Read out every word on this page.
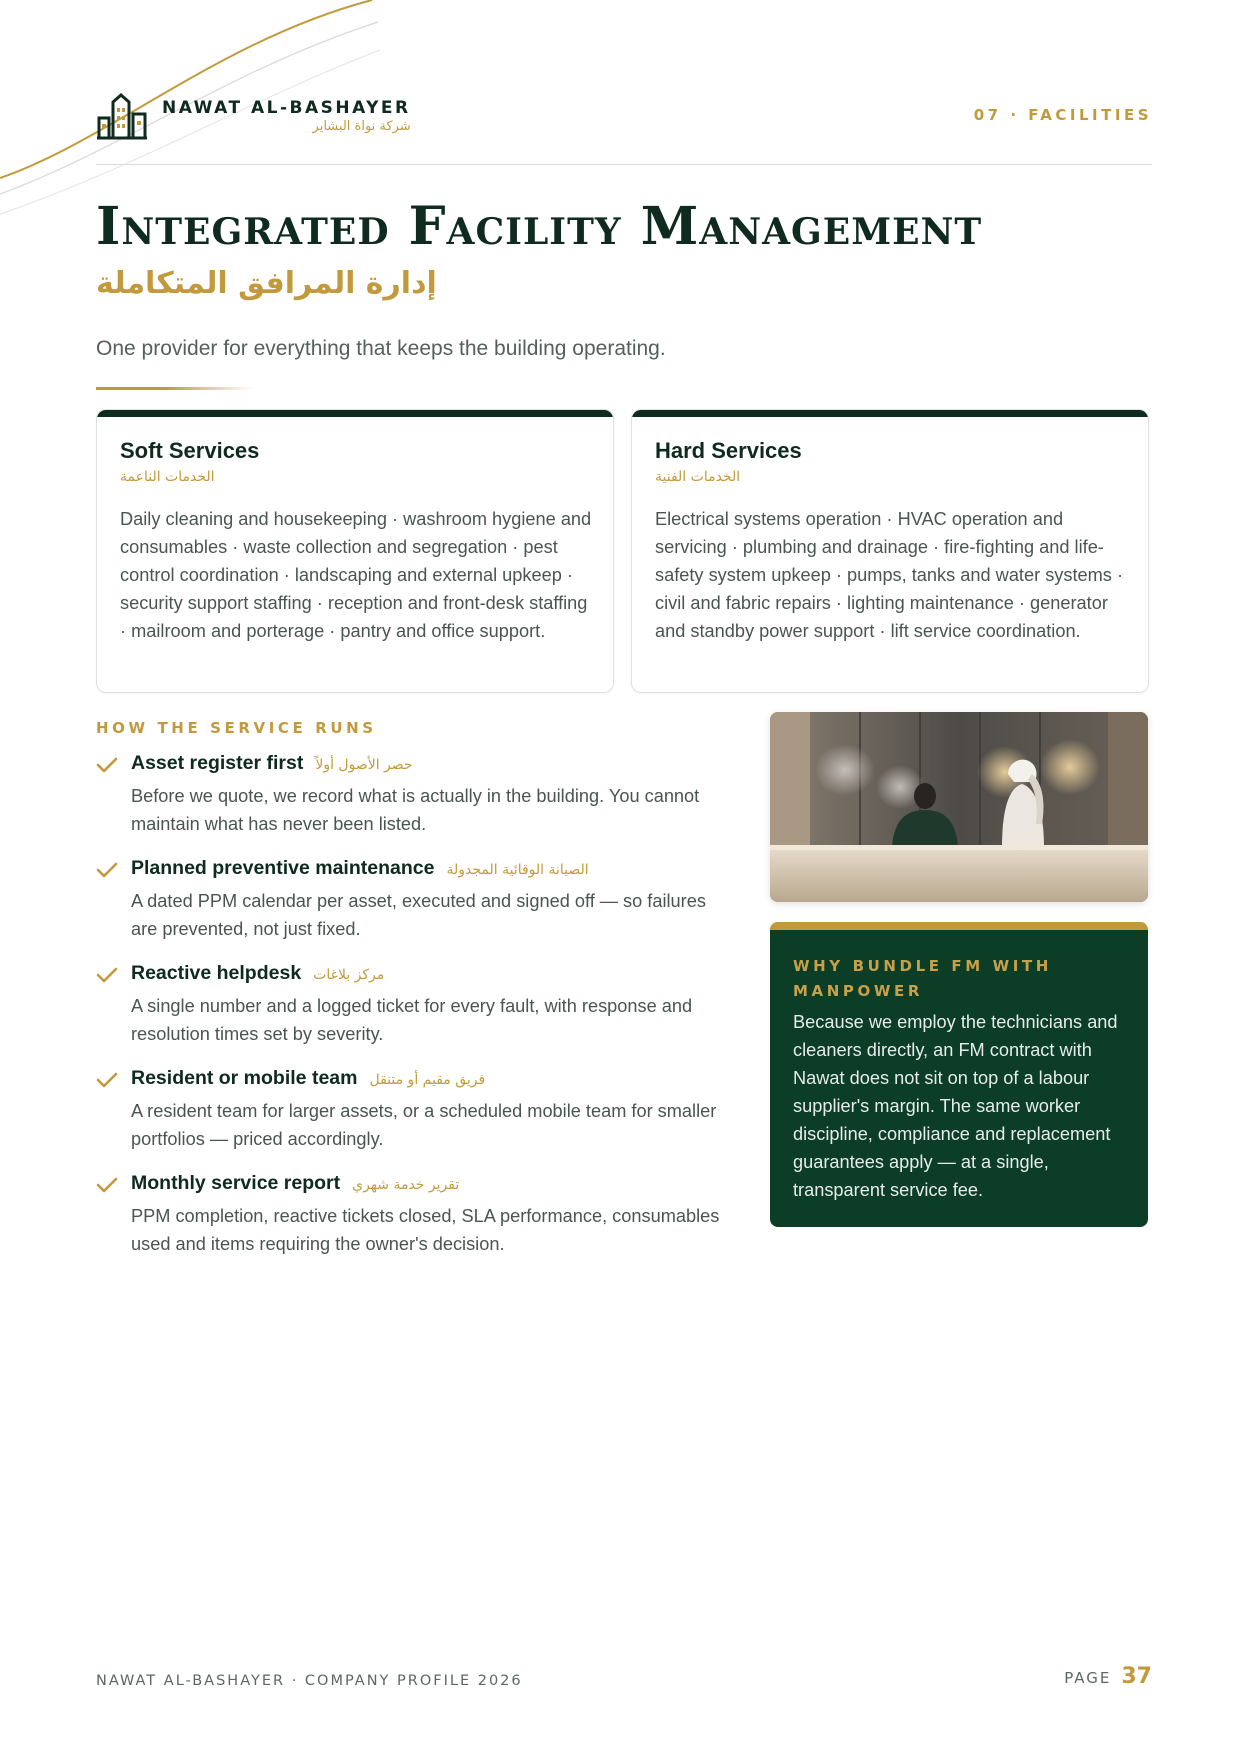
NAWAT AL-BASHAYER
شركة نواة البشاير
07 · FACILITIES
Integrated Facility Management
إدارة المرافق المتكاملة

One provider for everything that keeps the building operating.

Soft Services
الخدمات الناعمة
Daily cleaning and housekeeping · washroom hygiene and consumables · waste collection and segregation · pest control coordination · landscaping and external upkeep · security support staffing · reception and front-desk staffing · mailroom and porterage · pantry and office support.
Hard Services
الخدمات الفنية
Electrical systems operation · HVAC operation and servicing · plumbing and drainage · fire-fighting and life-safety system upkeep · pumps, tanks and water systems · civil and fabric repairs · lighting maintenance · generator and standby power support · lift service coordination.
HOW THE SERVICE RUNS
Asset register first حصر الأصول أولاً
Before we quote, we record what is actually in the building. You cannot maintain what has never been listed.
Planned preventive maintenance الصيانة الوقائية المجدولة
A dated PPM calendar per asset, executed and signed off — so failures are prevented, not just fixed.
Reactive helpdesk مركز بلاغات
A single number and a logged ticket for every fault, with response and resolution times set by severity.
Resident or mobile team فريق مقيم أو متنقل
A resident team for larger assets, or a scheduled mobile team for smaller portfolios — priced accordingly.
Monthly service report تقرير خدمة شهري
PPM completion, reactive tickets closed, SLA performance, consumables used and items requiring the owner's decision.
WHY BUNDLE FM WITH MANPOWER
Because we employ the technicians and cleaners directly, an FM contract with Nawat does not sit on top of a labour supplier's margin. The same worker discipline, compliance and replacement guarantees apply — at a single, transparent service fee.
NAWAT AL-BASHAYER · COMPANY PROFILE 2026	PAGE 37
